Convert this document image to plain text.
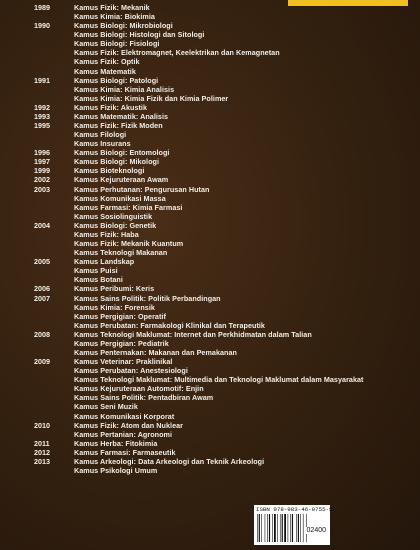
1989	Kamus Fizik: Mekanik
Kamus Kimia: Biokimia
1990	Kamus Biologi: Mikrobiologi
Kamus Biologi: Histologi dan Sitologi
Kamus Biologi: Fisiologi
Kamus Fizik: Elektromagnet, Keelektrikan dan Kemagnetan
Kamus Fizik: Optik
Kamus Matematik
1991	Kamus Biologi: Patologi
Kamus Kimia: Kimia Analisis
Kamus Kimia: Kimia Fizik dan Kimia Polimer
1992	Kamus Fizik: Akustik
1993	Kamus Matematik: Analisis
1995	Kamus Fizik: Fizik Moden
Kamus Filologi
Kamus Insurans
1996	Kamus Biologi: Entomologi
1997	Kamus Biologi: Mikologi
1999	Kamus Bioteknologi
2002	Kamus Kejuruteraan Awam
2003	Kamus Perhutanan: Pengurusan Hutan
Kamus Komunikasi Massa
Kamus Farmasi: Kimia Farmasi
Kamus Sosiolinguistik
2004	Kamus Biologi: Genetik
Kamus Fizik: Haba
Kamus Fizik: Mekanik Kuantum
Kamus Teknologi Makanan
2005	Kamus Landskap
Kamus Puisi
Kamus Botani
2006	Kamus Peribumi: Keris
2007	Kamus Sains Politik: Politik Perbandingan
Kamus Kimia: Forensik
Kamus Pergigian: Operatif
Kamus Perubatan: Farmakologi Klinikal dan Terapeutik
2008	Kamus Teknologi Maklumat: Internet dan Perkhidmatan dalam Talian
Kamus Pergigian: Pediatrik
Kamus Penternakan: Makanan dan Pemakanan
2009	Kamus Veterinar: Praklinikal
Kamus Perubatan: Anestesiologi
Kamus Teknologi Maklumat: Multimedia dan Teknologi Maklumat dalam Masyarakat
Kamus Kejuruteraan Automotif: Enjin
Kamus Sains Politik: Pentadbiran Awam
Kamus Seni Muzik
Kamus Komunikasi Korporat
2010	Kamus Fizik: Atom dan Nuklear
Kamus Pertanian: Agronomi
2011	Kamus Herba: Fitokimia
2012	Kamus Farmasi: Farmaseutik
2013	Kamus Arkeologi: Data Arkeologi dan Teknik Arkeologi
Kamus Psikologi Umum
ISBN 978-983-46-0755-5
02400
